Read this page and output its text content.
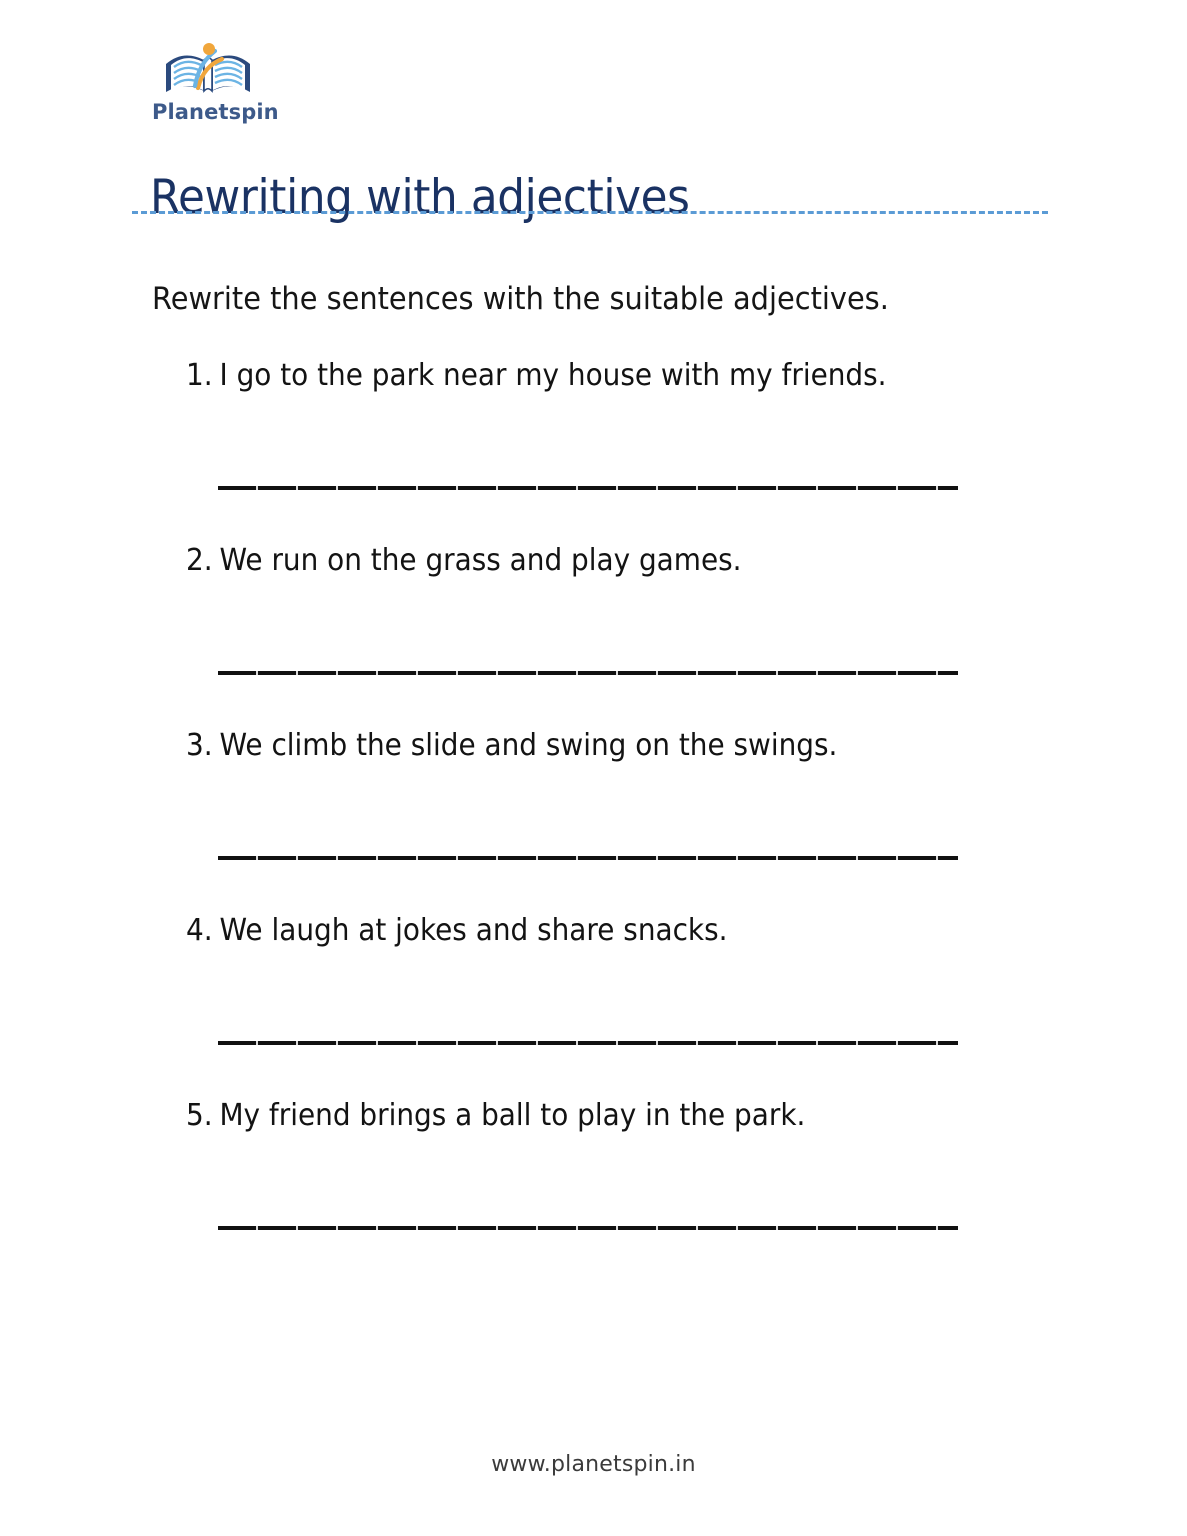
Planetspin
Rewriting with adjectives

Rewrite the sentences with the suitable adjectives.

1. I go to the park near my house with my friends.
2. We run on the grass and play games.
3. We climb the slide and swing on the swings.
4. We laugh at jokes and share snacks.
5. My friend brings a ball to play in the park.
www.planetspin.in
